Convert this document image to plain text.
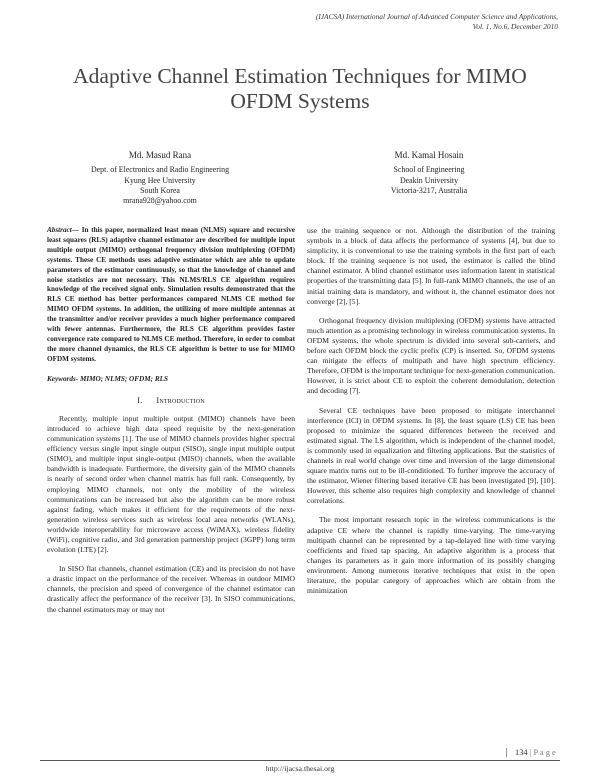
(IJACSA) International Journal of Advanced Computer Science and Applications,
Vol. 1, No.6, December 2010
Adaptive Channel Estimation Techniques for MIMO
OFDM Systems
Md. Masud Rana
Dept. of Electronics and Radio Engineering
Kyung Hee University
South Korea
mrana928@yahoo.com
Md. Kamal Hosain
School of Engineering
Deakin University
Victoria-3217, Australia

Abstract— In this paper, normalized least mean (NLMS) square and recursive least squares (RLS) adaptive channel estimator are described for multiple input multiple output (MIMO) orthogonal frequency division multiplexing (OFDM) systems. These CE methods uses adaptive estimator which are able to update parameters of the estimator continuously, so that the knowledge of channel and noise statistics are not necessary. This NLMS/RLS CE algorithm requires knowledge of the received signal only. Simulation results demonstrated that the RLS CE method has better performances compared NLMS CE method for MIMO OFDM systems. In addition, the utilizing of more multiple antennas at the transmitter and/or receiver provides a much higher performance compared with fewer antennas. Furthermore, the RLS CE algorithm provides faster convergence rate compared to NLMS CE method. Therefore, in order to combat the more channel dynamics, the RLS CE algorithm is better to use for MIMO OFDM systems.

Keywords- MIMO; NLMS; OFDM; RLS

I. Introduction

Recently, multiple input multiple output (MIMO) channels have been introduced to achieve high data speed requisite by the next-generation communication systems [1]. The use of MIMO channels provides higher spectral efficiency versus single input single output (SISO), single input multiple output (SIMO), and multiple input single-output (MISO) channels, when the available bandwidth is inadequate. Furthermore, the diversity gain of the MIMO channels is nearly of second order when channel matrix has full rank. Consequently, by employing MIMO channels, not only the mobility of the wireless communications can be increased but also the algorithm can be more robust against fading, which makes it efficient for the requirements of the next-generation wireless services such as wireless local area networks (WLANs), worldwide interoperability for microwave access (WiMAX), wireless fidelity (WiFi), cognitive radio, and 3rd generation partnership project (3GPP) long term evolution (LTE) [2].

In SISO flat channels, channel estimation (CE) and its precision do not have a drastic impact on the performance of the receiver. Whereas in outdoor MIMO channels, the precision and speed of convergence of the channel estimator can drastically affect the performance of the receiver [3]. In SISO communications, the channel estimators may or may not

use the training sequence or not. Although the distribution of the training symbols in a block of data affects the performance of systems [4], but due to simplicity, it is conventional to use the training symbols in the first part of each block. If the training sequence is not used, the estimator is called the blind channel estimator. A blind channel estimator uses information latent in statistical properties of the transmitting data [5]. In full-rank MIMO channels, the use of an initial training data is mandatory, and without it, the channel estimator does not converge [2], [5].

Orthogonal frequency division multiplexing (OFDM) systems have attracted much attention as a promising technology in wireless communication systems. In OFDM systems, the whole spectrum is divided into several sub-carriers, and before each OFDM block the cyclic prefix (CP) is inserted. So, OFDM systems can mitigate the effects of multipath and have high spectrum efficiency. Therefore, OFDM is the important technique for next-generation communication. However, it is strict about CE to exploit the coherent demodulation, detection and decoding [7].

Several CE techniques have been proposed to mitigate interchannel interference (ICI) in OFDM systems. In [8], the least square (LS) CE has been proposed to minimize the squared differences between the received and estimated signal. The LS algorithm, which is independent of the channel model, is commonly used in equalization and filtering applications. But the statistics of channels in real world change over time and inversion of the large dimensional square matrix turns out to be ill-conditioned. To further improve the accuracy of the estimator, Wiener filtering based iterative CE has been investigated [9], [10]. However, this scheme also requires high complexity and knowledge of channel correlations.

The most important research topic in the wireless communications is the adaptive CE where the channel is rapidly time-varying. The time-varying multipath channel can be represented by a tap-delayed line with time varying coefficients and fixed tap spacing. An adaptive algorithm is a process that changes its parameters as it gain more information of its possibly changing environment. Among numerous iterative techniques that exist in the open literature, the popular category of approaches which are obtain from the minimization

134 | P a g e
http://ijacsa.thesai.org
